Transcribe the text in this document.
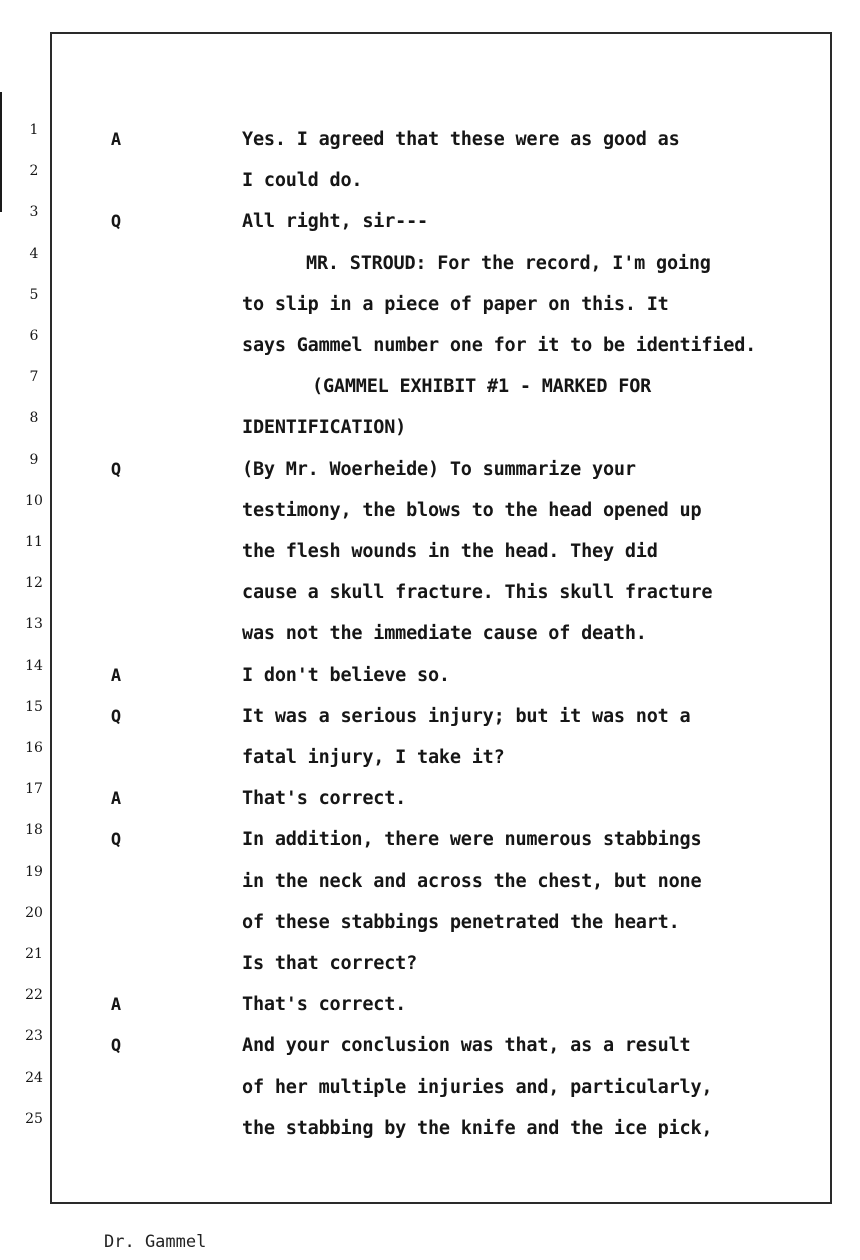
1	A	Yes. I agreed that these were as good as
2	I could do.
3	Q	All right, sir---
4	MR. STROUD: For the record, I'm going
5	to slip in a piece of paper on this. It
6	says Gammel number one for it to be identified.
7	(GAMMEL EXHIBIT #1 - MARKED FOR
8	IDENTIFICATION)
9	Q	(By Mr. Woerheide) To summarize your
10	testimony, the blows to the head opened up
11	the flesh wounds in the head. They did
12	cause a skull fracture. This skull fracture
13	was not the immediate cause of death.
14	A	I don't believe so.
15	Q	It was a serious injury; but it was not a
16	fatal injury, I take it?
17	A	That's correct.
18	Q	In addition, there were numerous stabbings
19	in the neck and across the chest, but none
20	of these stabbings penetrated the heart.
21	Is that correct?
22	A	That's correct.
23	Q	And your conclusion was that, as a result
24	of her multiple injuries and, particularly,
25	the stabbing by the knife and the ice pick,
Dr. Gammel
